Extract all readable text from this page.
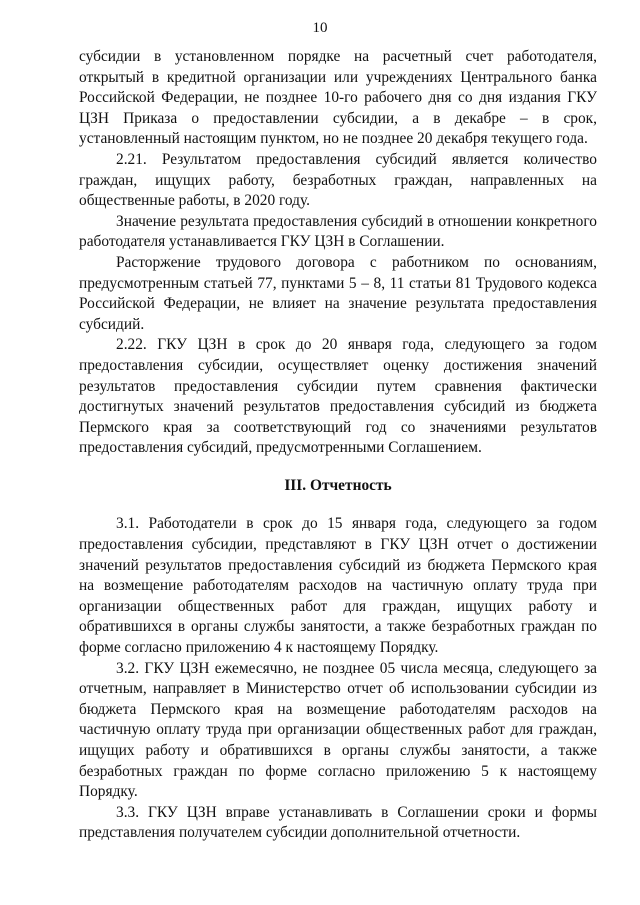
10

субсидии в установленном порядке на расчетный счет работодателя, открытый в кредитной организации или учреждениях Центрального банка Российской Федерации, не позднее 10-го рабочего дня со дня издания ГКУ ЦЗН Приказа о предоставлении субсидии, а в декабре – в срок, установленный настоящим пунктом, но не позднее 20 декабря текущего года.

2.21. Результатом предоставления субсидий является количество граждан, ищущих работу, безработных граждан, направленных на общественные работы, в 2020 году.

Значение результата предоставления субсидий в отношении конкретного работодателя устанавливается ГКУ ЦЗН в Соглашении.

Расторжение трудового договора с работником по основаниям, предусмотренным статьей 77, пунктами 5 – 8, 11 статьи 81 Трудового кодекса Российской Федерации, не влияет на значение результата предоставления субсидий.

2.22. ГКУ ЦЗН в срок до 20 января года, следующего за годом предоставления субсидии, осуществляет оценку достижения значений результатов предоставления субсидии путем сравнения фактически достигнутых значений результатов предоставления субсидий из бюджета Пермского края за соответствующий год со значениями результатов предоставления субсидий, предусмотренными Соглашением.

III. Отчетность

3.1. Работодатели в срок до 15 января года, следующего за годом предоставления субсидии, представляют в ГКУ ЦЗН отчет о достижении значений результатов предоставления субсидий из бюджета Пермского края на возмещение работодателям расходов на частичную оплату труда при организации общественных работ для граждан, ищущих работу и обратившихся в органы службы занятости, а также безработных граждан по форме согласно приложению 4 к настоящему Порядку.

3.2. ГКУ ЦЗН ежемесячно, не позднее 05 числа месяца, следующего за отчетным, направляет в Министерство отчет об использовании субсидии из бюджета Пермского края на возмещение работодателям расходов на частичную оплату труда при организации общественных работ для граждан, ищущих работу и обратившихся в органы службы занятости, а также безработных граждан по форме согласно приложению 5 к настоящему Порядку.

3.3. ГКУ ЦЗН вправе устанавливать в Соглашении сроки и формы представления получателем субсидии дополнительной отчетности.
